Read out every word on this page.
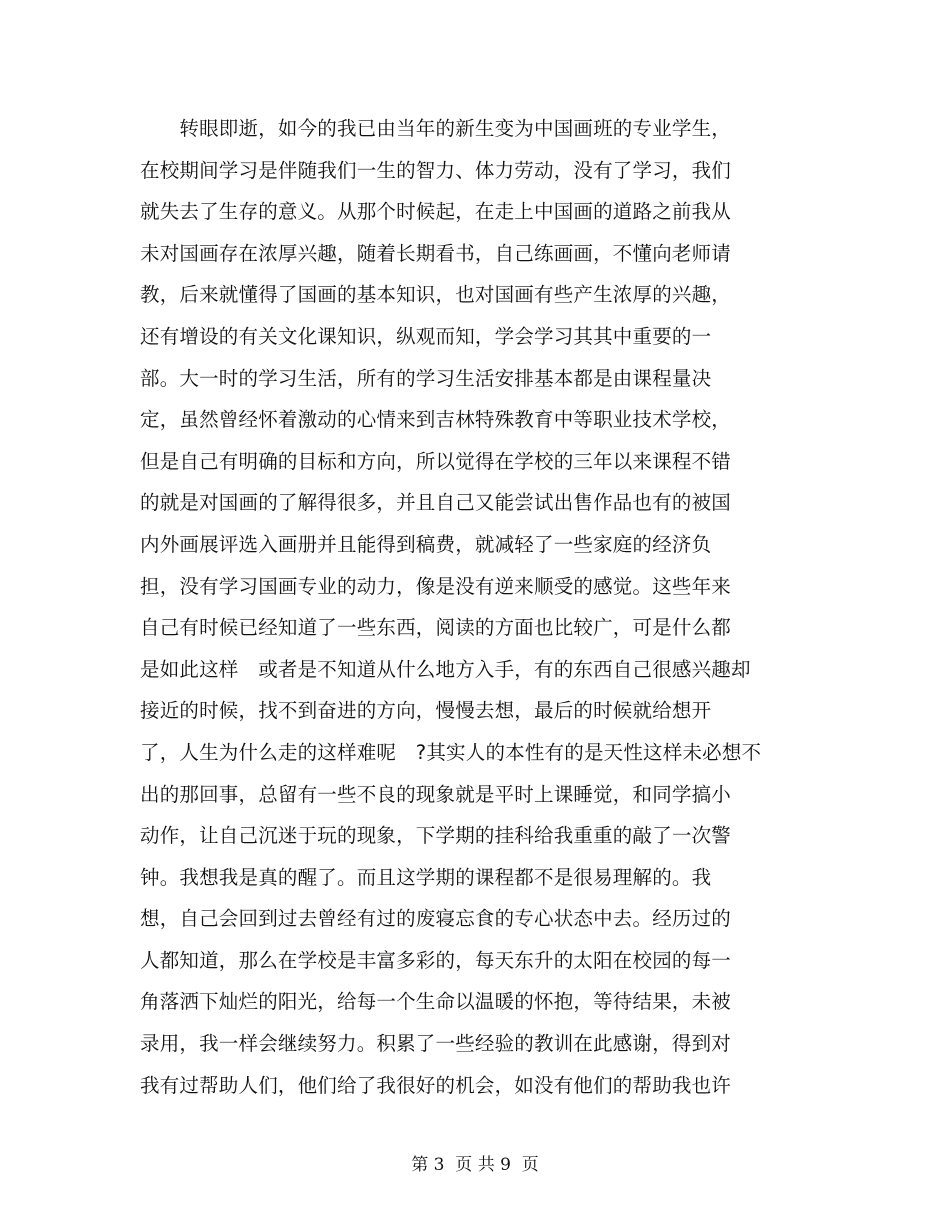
　　转眼即逝，如今的我已由当年的新生变为中国画班的专业学生，
在校期间学习是伴随我们一生的智力、体力劳动，没有了学习，我们
就失去了生存的意义。从那个时候起，在走上中国画的道路之前我从
未对国画存在浓厚兴趣，随着长期看书，自己练画画，不懂向老师请
教，后来就懂得了国画的基本知识，也对国画有些产生浓厚的兴趣，
还有增设的有关文化课知识，纵观而知，学会学习其其中重要的一
部。大一时的学习生活，所有的学习生活安排基本都是由课程量决
定，虽然曾经怀着激动的心情来到吉林特殊教育中等职业技术学校，
但是自己有明确的目标和方向，所以觉得在学校的三年以来课程不错
的就是对国画的了解得很多，并且自己又能尝试出售作品也有的被国
内外画展评选入画册并且能得到稿费，就减轻了一些家庭的经济负
担，没有学习国画专业的动力，像是没有逆来顺受的感觉。这些年来
自己有时候已经知道了一些东西，阅读的方面也比较广，可是什么都
是如此这样　或者是不知道从什么地方入手，有的东西自己很感兴趣却
接近的时候，找不到奋进的方向，慢慢去想，最后的时候就给想开
了，人生为什么走的这样难呢　?其实人的本性有的是天性这样未必想不
出的那回事，总留有一些不良的现象就是平时上课睡觉，和同学搞小
动作，让自己沉迷于玩的现象，下学期的挂科给我重重的敲了一次警
钟。我想我是真的醒了。而且这学期的课程都不是很易理解的。我
想，自己会回到过去曾经有过的废寝忘食的专心状态中去。经历过的
人都知道，那么在学校是丰富多彩的，每天东升的太阳在校园的每一
角落洒下灿烂的阳光，给每一个生命以温暖的怀抱，等待结果，未被
录用，我一样会继续努力。积累了一些经验的教训在此感谢，得到对
我有过帮助人们，他们给了我很好的机会，如没有他们的帮助我也许
第 3  页 共 9  页
